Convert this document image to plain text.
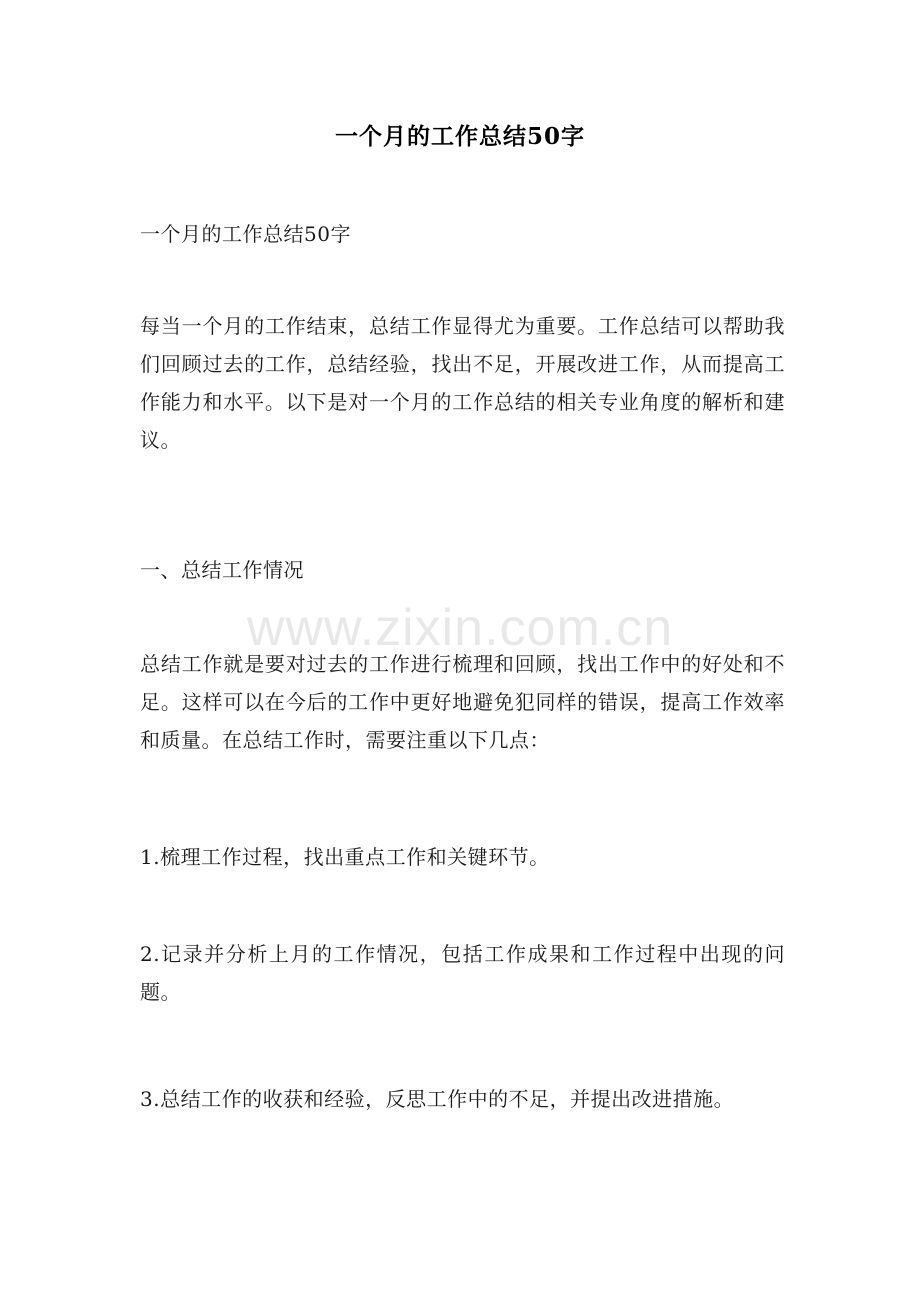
一个月的工作总结50字

一个月的工作总结50字

每当一个月的工作结束，总结工作显得尤为重要。工作总结可以帮助我们回顾过去的工作，总结经验，找出不足，开展改进工作，从而提高工作能力和水平。以下是对一个月的工作总结的相关专业角度的解析和建议。

一、总结工作情况

总结工作就是要对过去的工作进行梳理和回顾，找出工作中的好处和不足。这样可以在今后的工作中更好地避免犯同样的错误，提高工作效率和质量。在总结工作时，需要注重以下几点：

1.梳理工作过程，找出重点工作和关键环节。

2.记录并分析上月的工作情况，包括工作成果和工作过程中出现的问题。

3.总结工作的收获和经验，反思工作中的不足，并提出改进措施。

www.zixin.com.cn
